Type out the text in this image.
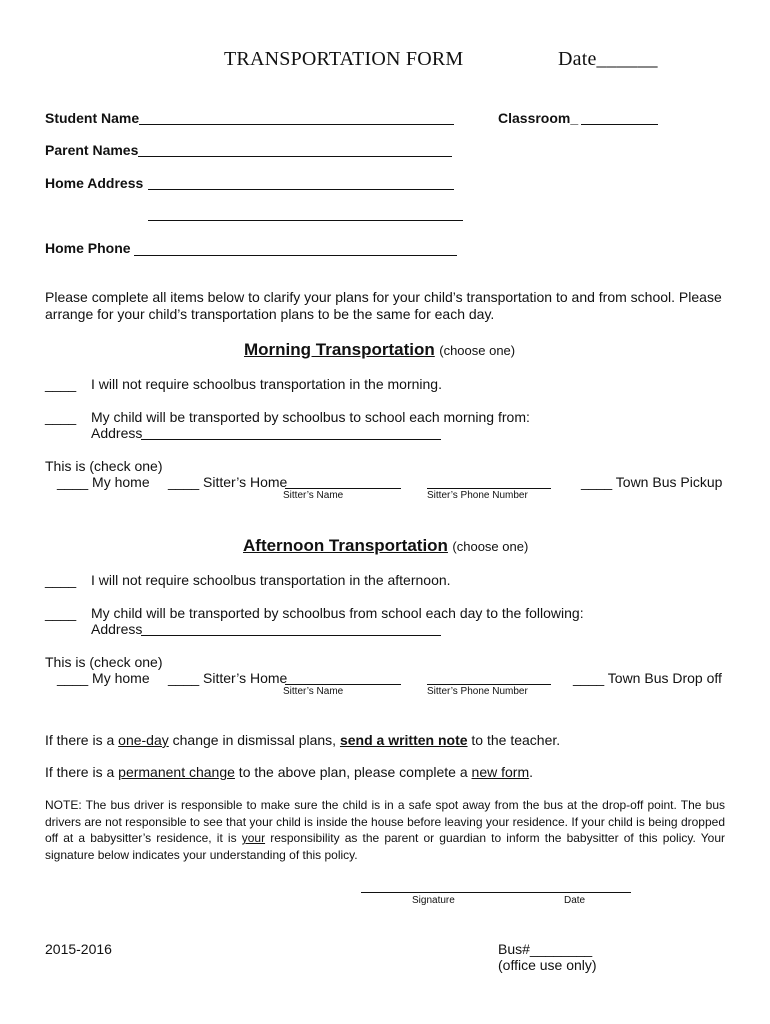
TRANSPORTATION FORM	Date______
Student Name	Classroom_
Parent Names
Home Address
Home Phone
Please complete all items below to clarify your plans for your child’s transportation to and from school. Please arrange for your child’s transportation plans to be the same for each day.
Morning Transportation (choose one)
____ I will not require schoolbus transportation in the morning.
____ My child will be transported by schoolbus to school each morning from:
Address
This is (check one)
____ My home ____ Sitter’s Home
Sitter’s Name	Sitter’s Phone Number
____ Town Bus Pickup
Afternoon Transportation (choose one)
____ I will not require schoolbus transportation in the afternoon.
____ My child will be transported by schoolbus from school each day to the following:
Address
This is (check one)
____ My home ____ Sitter’s Home
Sitter’s Name	Sitter’s Phone Number
____ Town Bus Drop off
If there is a one-day change in dismissal plans, send a written note to the teacher.
If there is a permanent change to the above plan, please complete a new form.
NOTE: The bus driver is responsible to make sure the child is in a safe spot away from the bus at the drop-off point. The bus drivers are not responsible to see that your child is inside the house before leaving your residence. If your child is being dropped off at a babysitter’s residence, it is your responsibility as the parent or guardian to inform the babysitter of this policy. Your signature below indicates your understanding of this policy.
Signature	Date
2015-2016	Bus#________
(office use only)
